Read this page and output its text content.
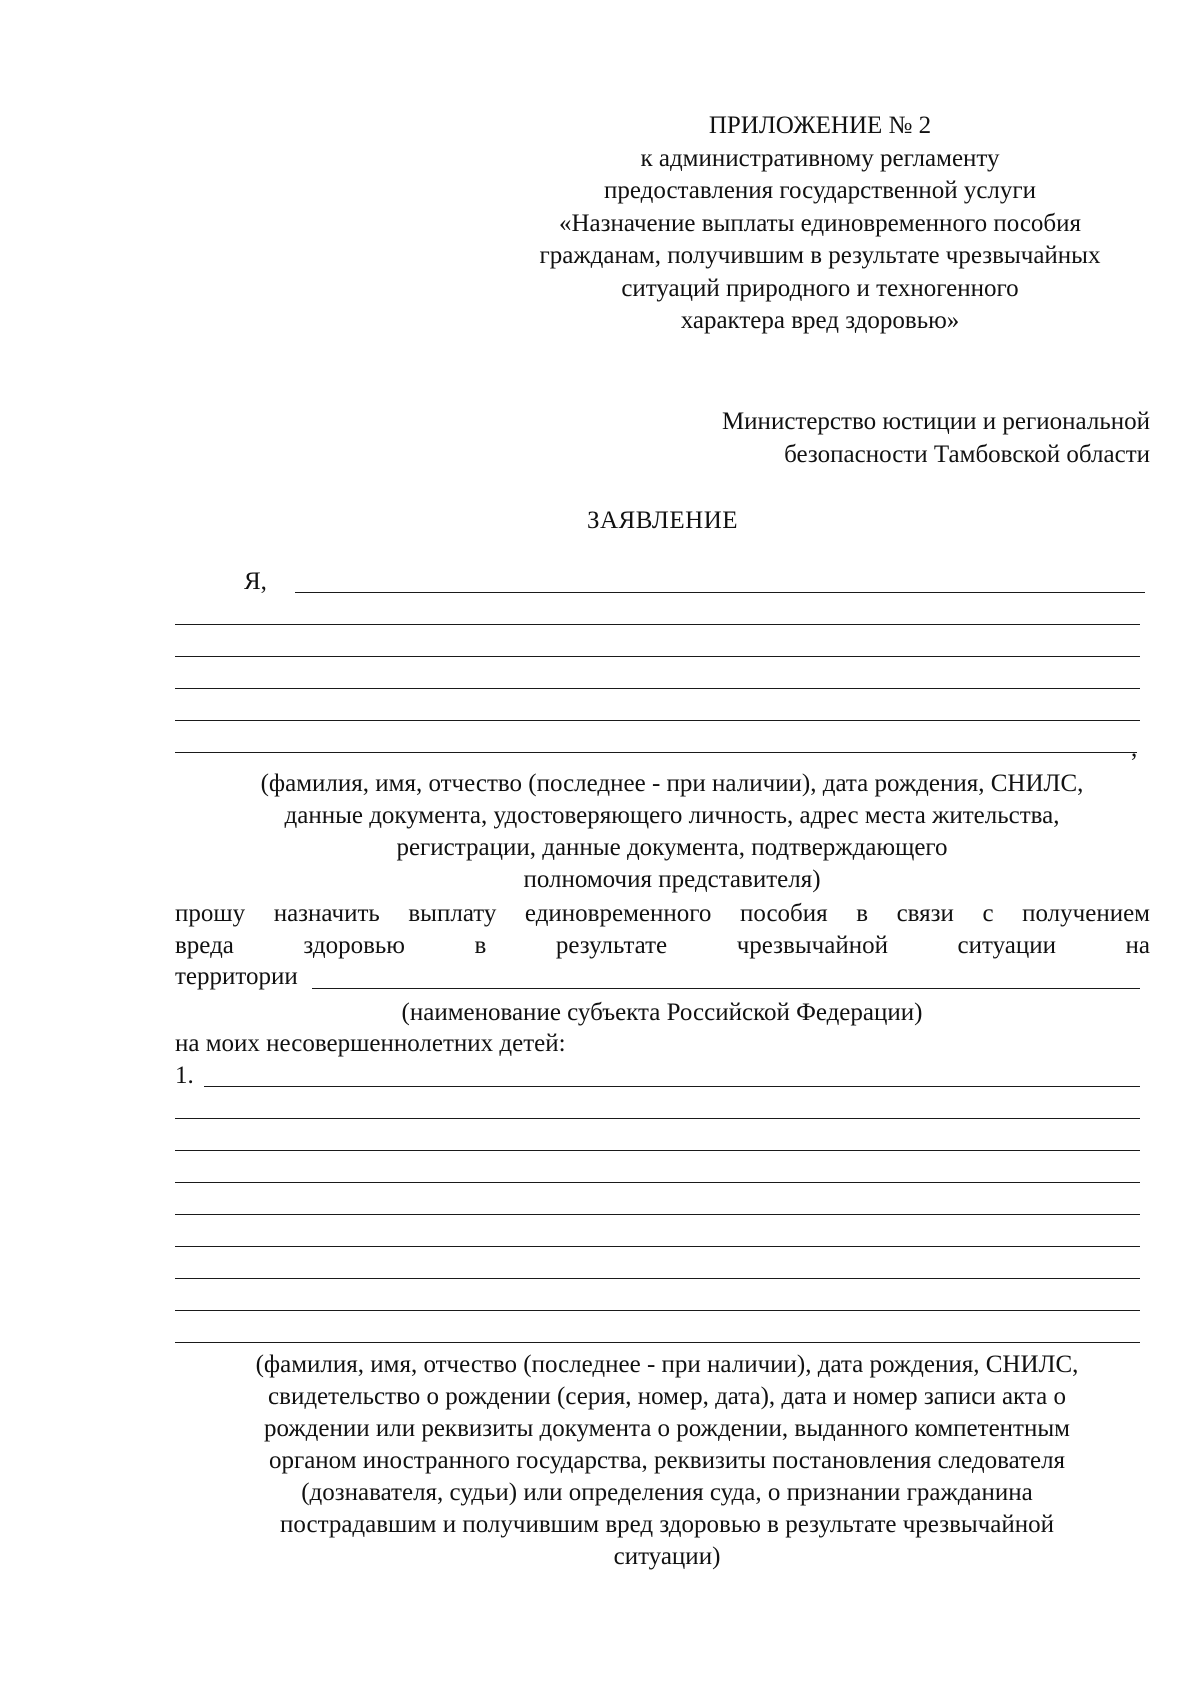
ПРИЛОЖЕНИЕ № 2
к административному регламенту
предоставления государственной услуги
«Назначение выплаты единовременного пособия
гражданам, получившим в результате чрезвычайных
ситуаций природного и техногенного
характера вред здоровью»
Министерство юстиции и региональной
безопасности Тамбовской области
ЗАЯВЛЕНИЕ
Я,
,
(фамилия, имя, отчество (последнее - при наличии), дата рождения, СНИЛС,
данные документа, удостоверяющего личность, адрес места жительства,
регистрации, данные документа, подтверждающего
полномочия представителя)
прошу назначить выплату единовременного пособия в связи с получением
вреда здоровью в результате чрезвычайной ситуации на
территории
(наименование субъекта Российской Федерации)
на моих несовершеннолетних детей:
1.
(фамилия, имя, отчество (последнее - при наличии), дата рождения, СНИЛС,
свидетельство о рождении (серия, номер, дата), дата и номер записи акта о
рождении или реквизиты документа о рождении, выданного компетентным
органом иностранного государства, реквизиты постановления следователя
(дознавателя, судьи) или определения суда, о признании гражданина
пострадавшим и получившим вред здоровью в результате чрезвычайной
ситуации)
